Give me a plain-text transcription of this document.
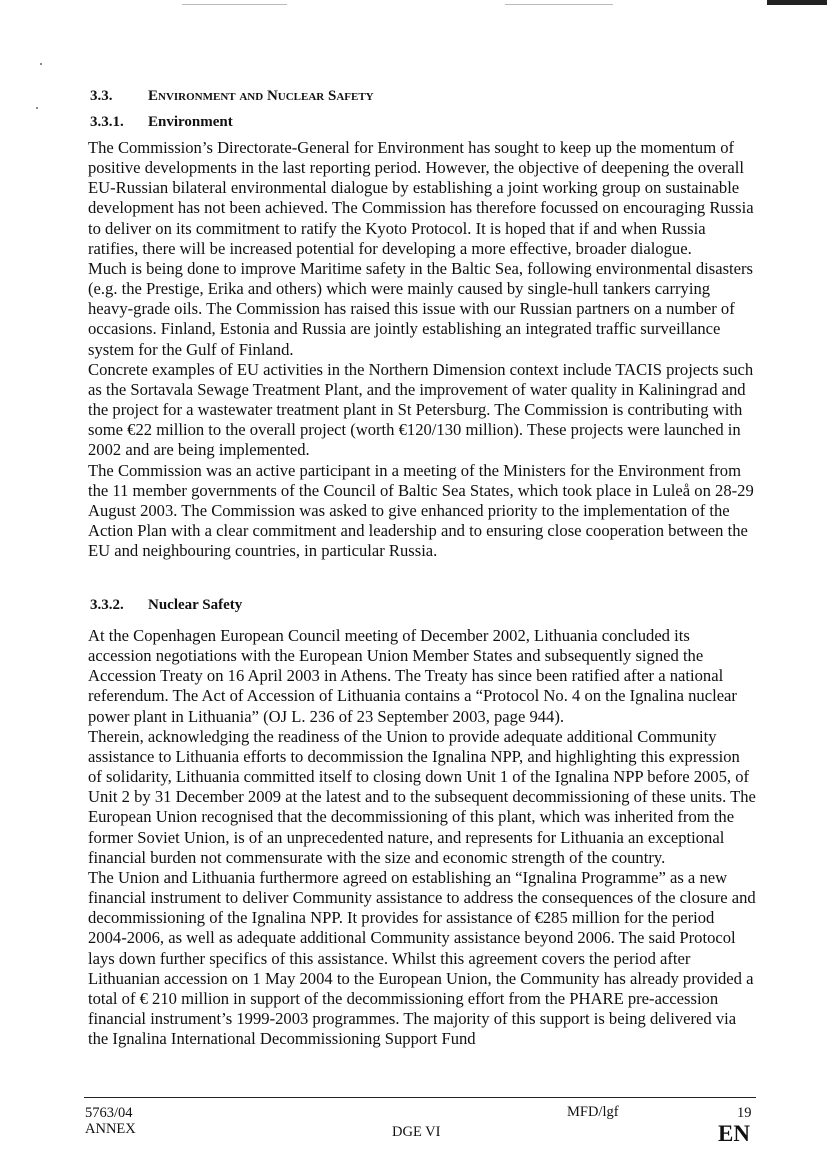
3.3. Environment and Nuclear Safety
3.3.1. Environment

The Commission’s Directorate-General for Environment has sought to keep up the momentum of positive developments in the last reporting period. However, the objective of deepening the overall EU-Russian bilateral environmental dialogue by establishing a joint working group on sustainable development has not been achieved. The Commission has therefore focussed on encouraging Russia to deliver on its commitment to ratify the Kyoto Protocol. It is hoped that if and when Russia ratifies, there will be increased potential for developing a more effective, broader dialogue.

Much is being done to improve Maritime safety in the Baltic Sea, following environmental disasters (e.g. the Prestige, Erika and others) which were mainly caused by single-hull tankers carrying heavy-grade oils. The Commission has raised this issue with our Russian partners on a number of occasions. Finland, Estonia and Russia are jointly establishing an integrated traffic surveillance system for the Gulf of Finland.

Concrete examples of EU activities in the Northern Dimension context include TACIS projects such as the Sortavala Sewage Treatment Plant, and the improvement of water quality in Kaliningrad and the project for a wastewater treatment plant in St Petersburg. The Commission is contributing with some €22 million to the overall project (worth €120/130 million). These projects were launched in 2002 and are being implemented.

The Commission was an active participant in a meeting of the Ministers for the Environment from the 11 member governments of the Council of Baltic Sea States, which took place in Luleå on 28-29 August 2003. The Commission was asked to give enhanced priority to the implementation of the Action Plan with a clear commitment and leadership and to ensuring close cooperation between the EU and neighbouring countries, in particular Russia.

3.3.2. Nuclear Safety

At the Copenhagen European Council meeting of December 2002, Lithuania concluded its accession negotiations with the European Union Member States and subsequently signed the Accession Treaty on 16 April 2003 in Athens. The Treaty has since been ratified after a national referendum. The Act of Accession of Lithuania contains a “Protocol No. 4 on the Ignalina nuclear power plant in Lithuania” (OJ L. 236 of 23 September 2003, page 944).

Therein, acknowledging the readiness of the Union to provide adequate additional Community assistance to Lithuania efforts to decommission the Ignalina NPP, and highlighting this expression of solidarity, Lithuania committed itself to closing down Unit 1 of the Ignalina NPP before 2005, of Unit 2 by 31 December 2009 at the latest and to the subsequent decommissioning of these units. The European Union recognised that the decommissioning of this plant, which was inherited from the former Soviet Union, is of an unprecedented nature, and represents for Lithuania an exceptional financial burden not commensurate with the size and economic strength of the country.

The Union and Lithuania furthermore agreed on establishing an “Ignalina Programme” as a new financial instrument to deliver Community assistance to address the consequences of the closure and decommissioning of the Ignalina NPP. It provides for assistance of €285 million for the period 2004-2006, as well as adequate additional Community assistance beyond 2006. The said Protocol lays down further specifics of this assistance. Whilst this agreement covers the period after Lithuanian accession on 1 May 2004 to the European Union, the Community has already provided a total of € 210 million in support of the decommissioning effort from the PHARE pre-accession financial instrument’s 1999-2003 programmes. The majority of this support is being delivered via the Ignalina International Decommissioning Support Fund

5763/04
ANNEX	DGE VI
MFD/lgf	19
EN
